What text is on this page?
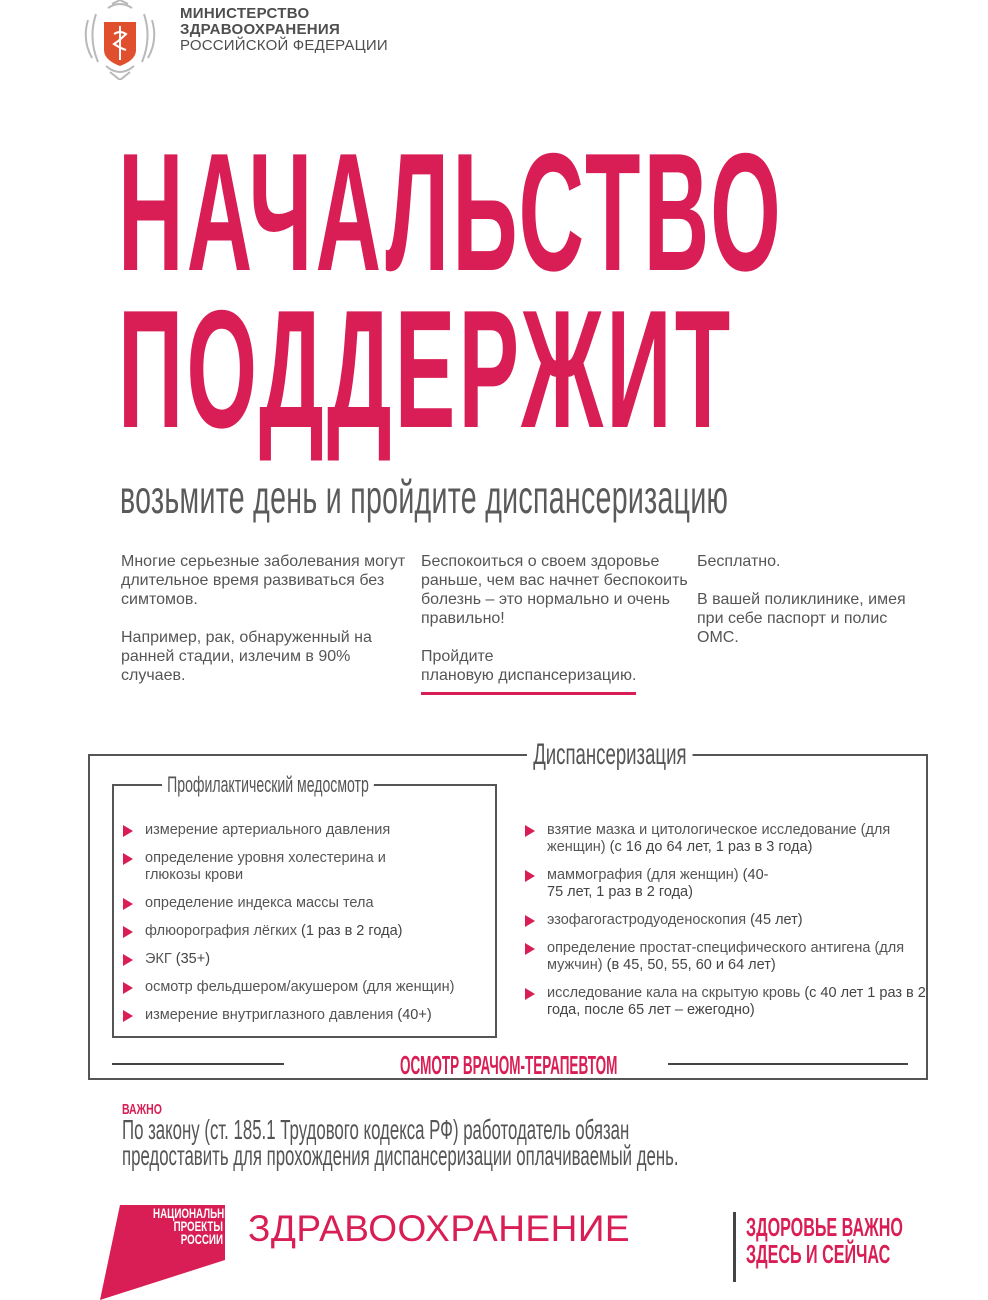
МИНИСТЕРСТВО
ЗДРАВООХРАНЕНИЯ
РОССИЙСКОЙ ФЕДЕРАЦИИ
НАЧАЛЬСТВО
ПОДДЕРЖИТ
возьмите день и пройдите диспансеризацию

Многие серьезные заболевания могут длительное время развиваться без симтомов.

Например, рак, обнаруженный на ранней стадии, излечим в 90% случаев.

Беспокоиться о своем здоровье раньше, чем вас начнет беспокоить болезнь – это нормально и очень правильно!

Пройдите
плановую диспансеризацию.

Бесплатно.

В вашей поликлинике, имея при себе паспорт и полис ОМС.

Диспансеризация
Профилактический медосмотр
измерение артериального давления
определение уровня холестерина и глюкозы крови
определение индекса массы тела
флюорография лёгких (1 раз в 2 года)
ЭКГ (35+)
осмотр фельдшером/акушером (для женщин)
измерение внутриглазного давления (40+)
взятие мазка и цитологическое исследование (для женщин) (с 16 до 64 лет, 1 раз в 3 года)
маммография (для женщин) (40-75 лет, 1 раз в 2 года)
эзофагогастродуоденоскопия (45 лет)
определение простат-специфического антигена (для мужчин) (в 45, 50, 55, 60 и 64 лет)
исследование кала на скрытую кровь (с 40 лет 1 раз в 2 года, после 65 лет – ежегодно)
ОСМОТР ВРАЧОМ-ТЕРАПЕВТОМ
ВАЖНО
По закону (ст. 185.1 Трудового кодекса РФ) работодатель обязан
предоставить для прохождения диспансеризации оплачиваемый день.
НАЦИОНАЛЬНЫЕ
ПРОЕКТЫ
РОССИИ ЗДРАВООХРАНЕНИЕ	ЗДОРОВЬЕ ВАЖНО
ЗДЕСЬ И СЕЙЧАС
